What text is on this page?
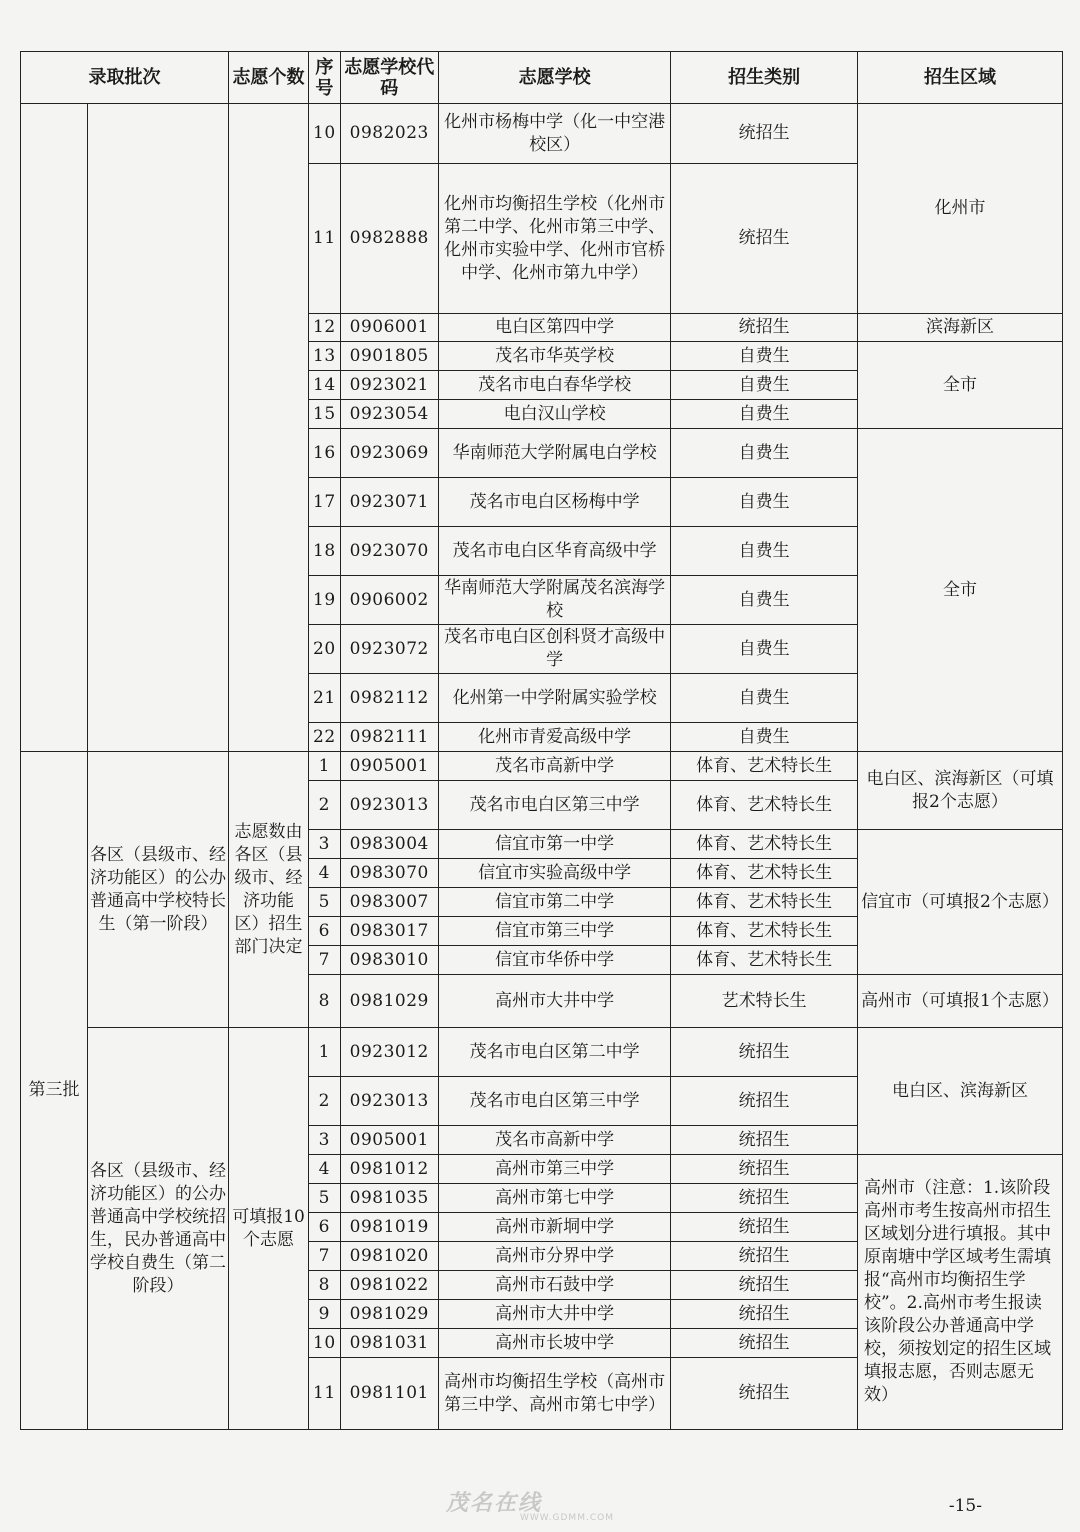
录取批次		志愿个数	序号	志愿学校代码	志愿学校	招生类别	招生区域
			10	0982023	化州市杨梅中学（化一中空港校区）	统招生	化州市
			11	0982888	化州市均衡招生学校（化州市第二中学、化州市第三中学、化州市实验中学、化州市官桥中学、化州市第九中学）	统招生	
			12	0906001	电白区第四中学	统招生	滨海新区
			13	0901805	茂名市华英学校	自费生	全市
			14	0923021	茂名市电白春华学校	自费生	
			15	0923054	电白汉山学校	自费生	
			16	0923069	华南师范大学附属电白学校	自费生	全市
			17	0923071	茂名市电白区杨梅中学	自费生	
			18	0923070	茂名市电白区华育高级中学	自费生	
			19	0906002	华南师范大学附属茂名滨海学校	自费生	
			20	0923072	茂名市电白区创科贤才高级中学	自费生	
			21	0982112	化州第一中学附属实验学校	自费生	
			22	0982111	化州市青爱高级中学	自费生	
第三批	各区（县级市、经济功能区）的公办普通高中学校特长生（第一阶段）	志愿数由各区（县级市、经济功能区）招生部门决定	1	0905001	茂名市高新中学	体育、艺术特长生	电白区、滨海新区（可填报2个志愿）
			2	0923013	茂名市电白区第三中学	体育、艺术特长生	
			3	0983004	信宜市第一中学	体育、艺术特长生	信宜市（可填报2个志愿）
			4	0983070	信宜市实验高级中学	体育、艺术特长生	
			5	0983007	信宜市第二中学	体育、艺术特长生	
			6	0983017	信宜市第三中学	体育、艺术特长生	
			7	0983010	信宜市华侨中学	体育、艺术特长生	
			8	0981029	高州市大井中学	艺术特长生	高州市（可填报1个志愿）
	各区（县级市、经济功能区）的公办普通高中学校统招生，民办普通高中学校自费生（第二阶段）	可填报10个志愿	1	0923012	茂名市电白区第二中学	统招生	电白区、滨海新区
			2	0923013	茂名市电白区第三中学	统招生	
			3	0905001	茂名市高新中学	统招生	
			4	0981012	高州市第三中学	统招生	高州市（注意：1.该阶段高州市考生按高州市招生区域划分进行填报。其中原南塘中学区域考生需填报“高州市均衡招生学校”。2.高州市考生报读该阶段公办普通高中学校，须按划定的招生区域填报志愿，否则志愿无效）
			5	0981035	高州市第七中学	统招生	
			6	0981019	高州市新垌中学	统招生	
			7	0981020	高州市分界中学	统招生	
			8	0981022	高州市石鼓中学	统招生	
			9	0981029	高州市大井中学	统招生	
			10	0981031	高州市长坡中学	统招生	
			11	0981101	高州市均衡招生学校（高州市第三中学、高州市第七中学）	统招生	
茂名在线
WWW.GDMM.COM
-15-
